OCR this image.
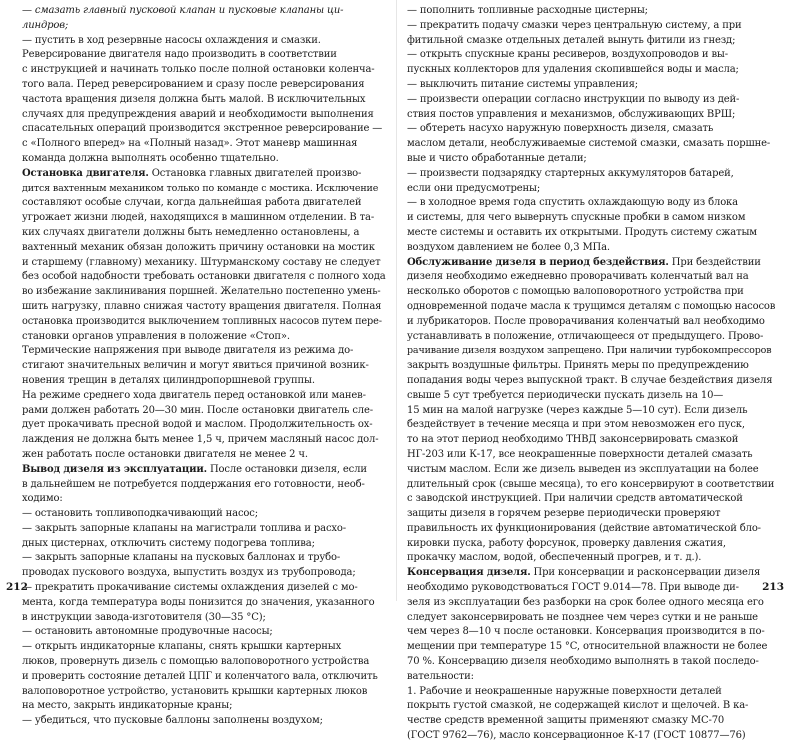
— смазать главный пусковой клапан и пусковые клапаны ци-
линдров;
— пустить в ход резервные насосы охлаждения и смазки.
Реверсирование двигателя надо производить в соответствии
с инструкцией и начинать только после полной остановки коленча-
того вала. Перед реверсированием и сразу после реверсирования
частота вращения дизеля должна быть малой. В исключительных
случаях для предупреждения аварий и необходимости выполнения
спасательных операций производится экстренное реверсирование —
с «Полного вперед» на «Полный назад». Этот маневр машинная
команда должна выполнять особенно тщательно.
Остановка двигателя. Остановка главных двигателей произво-
дится вахтенным механиком только по команде с мостика. Исключение
составляют особые случаи, когда дальнейшая работа двигателей
угрожает жизни людей, находящихся в машинном отделении. В та-
ких случаях двигатели должны быть немедленно остановлены, а
вахтенный механик обязан доложить причину остановки на мостик
и старшему (главному) механику. Штурманскому составу не следует
без особой надобности требовать остановки двигателя с полного хода
во избежание заклинивания поршней. Желательно постепенно умень-
шить нагрузку, плавно снижая частоту вращения двигателя. Полная
остановка производится выключением топливных насосов путем пере-
становки органов управления в положение «Стоп».
Термические напряжения при выводе двигателя из режима до-
стигают значительных величин и могут явиться причиной возник-
новения трещин в деталях цилиндропоршневой группы.
На режиме среднего хода двигатель перед остановкой или манев-
рами должен работать 20—30 мин. После остановки двигатель сле-
дует прокачивать пресной водой и маслом. Продолжительность ох-
лаждения не должна быть менее 1,5 ч, причем масляный насос дол-
жен работать после остановки двигателя не менее 2 ч.
Вывод дизеля из эксплуатации. После остановки дизеля, если
в дальнейшем не потребуется поддержания его готовности, необ-
ходимо:
— остановить топливоподкачивающий насос;
— закрыть запорные клапаны на магистрали топлива и расхо-
дных цистернах, отключить систему подогрева топлива;
— закрыть запорные клапаны на пусковых баллонах и трубо-
проводах пускового воздуха, выпустить воздух из трубопровода;
— прекратить прокачивание системы охлаждения дизелей с мо-
мента, когда температура воды понизится до значения, указанного
в инструкции завода-изготовителя (30—35 °C);
— остановить автономные продувочные насосы;
— открыть индикаторные клапаны, снять крышки картерных
люков, провернуть дизель с помощью валоповоротного устройства
и проверить состояние деталей ЦПГ и коленчатого вала, отключить
валоповоротное устройство, установить крышки картерных люков
на место, закрыть индикаторные краны;
— убедиться, что пусковые баллоны заполнены воздухом;
212
— пополнить топливные расходные цистерны;
— прекратить подачу смазки через центральную систему, а при
фитильной смазке отдельных деталей вынуть фитили из гнезд;
— открыть спускные краны ресиверов, воздухопроводов и вы-
пускных коллекторов для удаления скопившейся воды и масла;
— выключить питание системы управления;
— произвести операции согласно инструкции по выводу из дей-
ствия постов управления и механизмов, обслуживающих ВРШ;
— обтереть насухо наружную поверхность дизеля, смазать
маслом детали, необслуживаемые системой смазки, смазать поршне-
вые и чисто обработанные детали;
— произвести подзарядку стартерных аккумуляторов батарей,
если они предусмотрены;
— в холодное время года спустить охлаждающую воду из блока
и системы, для чего вывернуть спускные пробки в самом низком
месте системы и оставить их открытыми. Продуть систему сжатым
воздухом давлением не более 0,3 МПа.
Обслуживание дизеля в период бездействия. При бездействии
дизеля необходимо ежедневно проворачивать коленчатый вал на
несколько оборотов с помощью валоповоротного устройства при
одновременной подаче масла к трущимся деталям с помощью насосов
и лубрикаторов. После проворачивания коленчатый вал необходимо
устанавливать в положение, отличающееся от предыдущего. Прово-
рачивание дизеля воздухом запрещено. При наличии турбокомпрессоров
закрыть воздушные фильтры. Принять меры по предупреждению
попадания воды через выпускной тракт. В случае бездействия дизеля
свыше 5 сут требуется периодически пускать дизель на 10—
15 мин на малой нагрузке (через каждые 5—10 сут). Если дизель
бездействует в течение месяца и при этом невозможен его пуск,
то на этот период необходимо ТНВД законсервировать смазкой
НГ-203 или К-17, все неокрашенные поверхности деталей смазать
чистым маслом. Если же дизель выведен из эксплуатации на более
длительный срок (свыше месяца), то его консервируют в соответствии
с заводской инструкцией. При наличии средств автоматической
защиты дизеля в горячем резерве периодически проверяют
правильность их функционирования (действие автоматической бло-
кировки пуска, работу форсунок, проверку давления сжатия,
прокачку маслом, водой, обеспеченный прогрев, и т. д.).
Консервация дизеля. При консервации и расконсервации дизеля
необходимо руководствоваться ГОСТ 9.014—78. При выводе ди-
зеля из эксплуатации без разборки на срок более одного месяца его
следует законсервировать не позднее чем через сутки и не раньше
чем через 8—10 ч после остановки. Консервация производится в по-
мещении при температуре 15 °C, относительной влажности не более
70 %. Консервацию дизеля необходимо выполнять в такой последо-
вательности:
1. Рабочие и неокрашенные наружные поверхности деталей
покрыть густой смазкой, не содержащей кислот и щелочей. В ка-
честве средств временной защиты применяют смазку МС-70
(ГОСТ 9762—76), масло консервационное К-17 (ГОСТ 10877—76)
213
